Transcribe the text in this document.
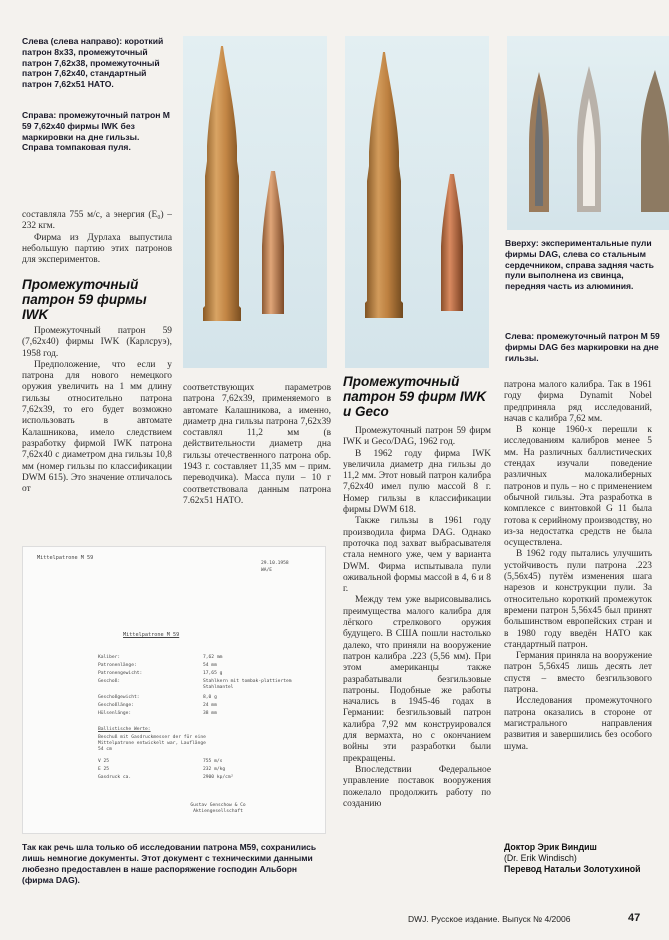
Слева (слева направо): короткий патрон 8x33, промежуточный патрон 7,62x38, промежуточный патрон 7,62x40, стандартный патрон 7,62x51 НАТО.
Справа: промежуточный патрон М 59 7,62x40 фирмы IWK без маркировки на дне гильзы. Справа томпаковая пуля.

составляла 755 м/с, а энергия (E₀) – 232 кгм.

Фирма из Дурлаха выпустила небольшую партию этих патронов для экспериментов.

Промежуточный патрон 59 фирмы IWK

Промежуточный патрон 59 (7,62x40) фирмы IWK (Карлсруэ), 1958 год.

Предположение, что если у патрона для нового немецкого оружия увеличить на 1 мм длину гильзы относительно патрона 7,62x39, то его будет возможно использовать в автомате Калашникова, имело следствием разработку фирмой IWK патрона 7,62x40 с диаметром дна гильзы 10,8 мм (номер гильзы по классификации DWM 615). Это значение отличалось от

Вверху: экспериментальные пули фирмы DAG, слева со стальным сердечником, справа задняя часть пули выполнена из свинца, передняя часть из алюминия.
Слева: промежуточный патрон М 59 фирмы DAG без маркировки на дне гильзы.

соответствующих параметров патрона 7,62x39, применяемого в автомате Калашникова, а именно, диаметр дна гильзы патрона 7,62x39 составлял 11,2 мм (в действительности диаметр дна гильзы отечественного патрона обр. 1943 г. составляет 11,35 мм – прим. переводчика). Масса пули – 10 г соответствовала данным патрона 7.62x51 НАТО.

Промежуточный патрон 59 фирм IWK и Geco

Промежуточный патрон 59 фирм IWK и Geco/DAG, 1962 год.

В 1962 году фирма IWK увеличила диаметр дна гильзы до 11,2 мм. Этот новый патрон калибра 7,62x40 имел пулю массой 8 г. Номер гильзы в классификации фирмы DWM 618.

Также гильзы в 1961 году производила фирма DAG. Однако проточка под захват выбрасывателя стала немного уже, чем у варианта DWM. Фирма испытывала пули оживальной формы массой в 4, 6 и 8 г.

Между тем уже вырисовывались преимущества малого калибра для лёгкого стрелкового оружия будущего. В США пошли настолько далеко, что приняли на вооружение патрон калибра .223 (5,56 мм). При этом американцы также разрабатывали безгильзовые патроны. Подобные же работы начались в 1945-46 годах в Германии: безгильзовый патрон калибра 7,92 мм конструировался для вермахта, но с окончанием войны эти разработки были прекращены.

Впоследствии Федеральное управление поставок вооружения пожелало продолжить работу по созданию

патрона малого калибра. Так в 1961 году фирма Dynamit Nobel предприняла ряд исследований, начав с калибра 7,62 мм.

В конце 1960-х перешли к исследованиям калибров менее 5 мм. На различных баллистических стендах изучали поведение различных малокалиберных патронов и пуль – но с применением обычной гильзы. Эта разработка в комплексе с винтовкой G 11 была готова к серийному производству, но из-за недостатка средств не была осуществлена.

В 1962 году пытались улучшить устойчивость пули патрона .223 (5,56x45) путём изменения шага нарезов и конструкции пули. За относительно короткий промежуток времени патрон 5,56x45 был принят большинством европейских стран и в 1980 году введён НАТО как стандартный патрон.

Германия приняла на вооружение патрон 5,56x45 лишь десять лет спустя – вместо безгильзового патрона.

Исследования промежуточного патрона оказались в стороне от магистрального направления развития и завершились без особого шума.

Доктор Эрик Виндиш
(Dr. Erik Windisch)
Перевод Натальи Золотухиной
Mittelpatrone M 59
29.10.1958
WA/E
Mittelpatrone M 59
Kaliber:	7,62 mm
Patronenlänge:	54 mm
Patronengewicht:	17,65 g
Geschoß:	Stahlkern mit tombak-plattiertem Stahlmantel
Geschoßgewicht:	8,0 g
Geschoßlänge:	24 mm
Hülsenlänge:	38 mm
Ballistische Werte:
Beschuß mit Gasdruckmesser der für eine Mittelpatrone entwickelt war, Lauflänge 54 cm
V 25	755 m/s
E 25	232 m/kg
Gasdruck ca.	2900 kp/cm²
Gustav Genschow & Co Aktiengesellschaft
Так как речь шла только об исследовании патрона М59, сохранились лишь немногие документы. Этот документ с техническими данными любезно предоставлен в наше распоряжение господин Альборн (фирма DAG).
DWJ. Русское издание. Выпуск № 4/2006	47
